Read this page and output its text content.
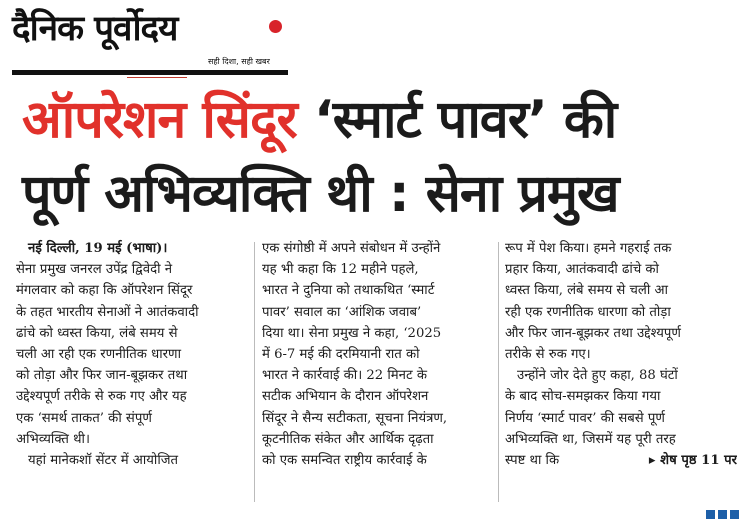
दैनिक पूर्वोदय
सही दिशा, सही खबर
ऑपरेशन सिंदूर ‘स्मार्ट पावर’ की
पूर्ण अभिव्यक्ति थी : सेना प्रमुख
नई दिल्ली, 19 मई (भाषा)।
सेना प्रमुख जनरल उपेंद्र द्विवेदी ने
मंगलवार को कहा कि ऑपरेशन सिंदूर
के तहत भारतीय सेनाओं ने आतंकवादी
ढांचे को ध्वस्त किया, लंबे समय से
चली आ रही एक रणनीतिक धारणा
को तोड़ा और फिर जान-बूझकर तथा
उद्देश्यपूर्ण तरीके से रुक गए और यह
एक ‘समर्थ ताकत’ की संपूर्ण
अभिव्यक्ति थी।
यहां मानेकशॉ सेंटर में आयोजित
एक संगोष्ठी में अपने संबोधन में उन्होंने
यह भी कहा कि 12 महीने पहले,
भारत ने दुनिया को तथाकथित ‘स्मार्ट
पावर’ सवाल का ‘आंशिक जवाब’
दिया था। सेना प्रमुख ने कहा, ‘2025
में 6-7 मई की दरमियानी रात को
भारत ने कार्रवाई की। 22 मिनट के
सटीक अभियान के दौरान ऑपरेशन
सिंदूर ने सैन्य सटीकता, सूचना नियंत्रण,
कूटनीतिक संकेत और आर्थिक दृढ़ता
को एक समन्वित राष्ट्रीय कार्रवाई के
रूप में पेश किया। हमने गहराई तक
प्रहार किया, आतंकवादी ढांचे को
ध्वस्त किया, लंबे समय से चली आ
रही एक रणनीतिक धारणा को तोड़ा
और फिर जान-बूझकर तथा उद्देश्यपूर्ण
तरीके से रुक गए।
उन्होंने जोर देते हुए कहा, 88 घंटों
के बाद सोच-समझकर किया गया
निर्णय ‘स्मार्ट पावर’ की सबसे पूर्ण
अभिव्यक्ति था, जिसमें यह पूरी तरह
स्पष्ट था कि	▸ शेष पृष्ठ 11 पर
